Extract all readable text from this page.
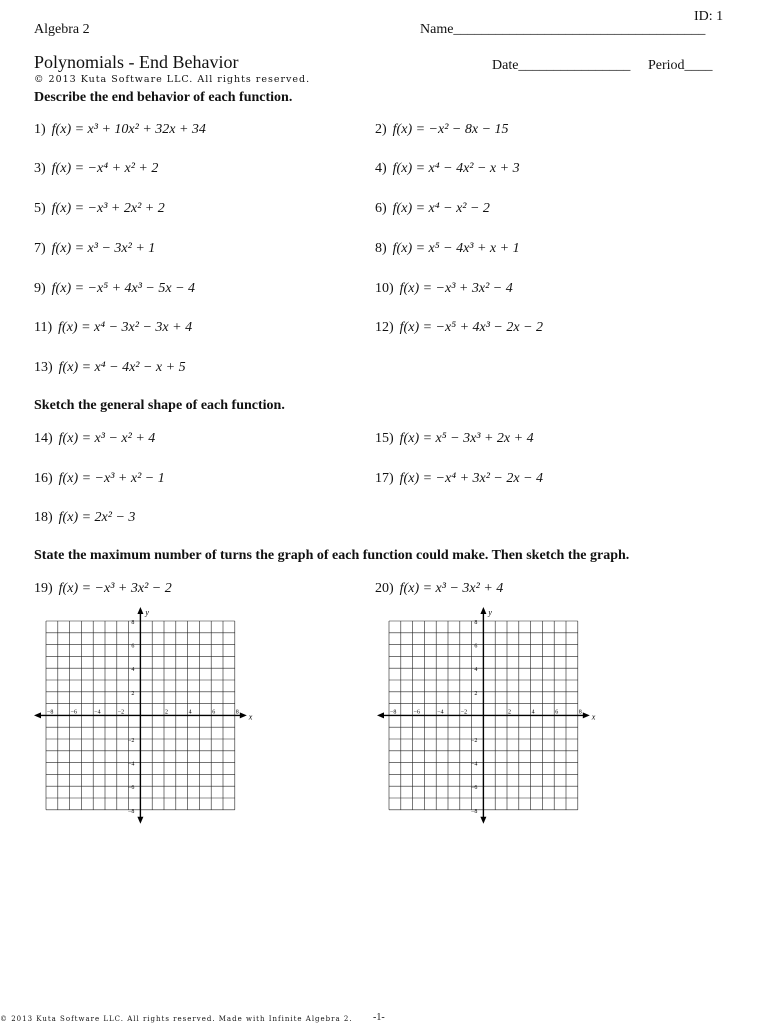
ID: 1
Algebra 2	Name____________________________________
Polynomials - End Behavior
© 2013 Kuta Software LLC. All rights reserved.
Date________________ Period____
Describe the end behavior of each function.
Sketch the general shape of each function.
State the maximum number of turns the graph of each function could make. Then sketch the graph.
1) f(x) = x³ + 10x² + 32x + 34	2) f(x) = −x² − 8x − 15
3) f(x) = −x⁴ + x² + 2	4) f(x) = x⁴ − 4x² − x + 3
5) f(x) = −x³ + 2x² + 2	6) f(x) = x⁴ − x² − 2
7) f(x) = x³ − 3x² + 1	8) f(x) = x⁵ − 4x³ + x + 1
9) f(x) = −x⁵ + 4x³ − 5x − 4	10) f(x) = −x³ + 3x² − 4
11) f(x) = x⁴ − 3x² − 3x + 4	12) f(x) = −x⁵ + 4x³ − 2x − 2
13) f(x) = x⁴ − 4x² − x + 5
14) f(x) = x³ − x² + 4	15) f(x) = x⁵ − 3x³ + 2x + 4
16) f(x) = −x³ + x² − 1	17) f(x) = −x⁴ + 3x² − 2x − 4
18) f(x) = 2x² − 3
19) f(x) = −x³ + 3x² − 2	20) f(x) = x³ − 3x² + 4
x
y
−8	−6	−4	−2	2	4	6	8
8
6
4
2
−2
−4
−6
−8
x
y
−8	−6	−4	−2	2	4	6	8
8
6
4
2
−2
−4
−6
−8
© 2013 Kuta Software LLC. All rights reserved. Made with Infinite Algebra 2. -1-
